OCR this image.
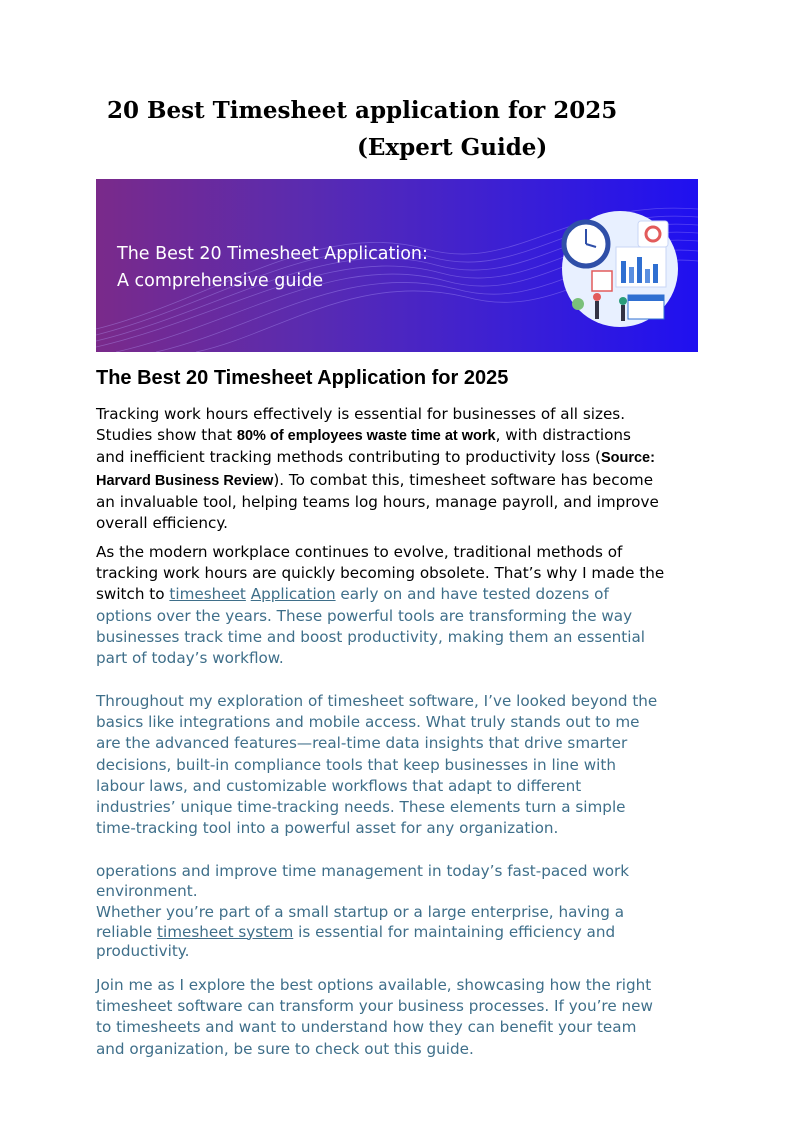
20 Best Timesheet application for 2025
(Expert Guide)
The Best 20 Timesheet Application:
A comprehensive guide
The Best 20 Timesheet Application for 2025
Tracking work hours effectively is essential for businesses of all sizes.
Studies show that 80% of employees waste time at work, with distractions
and inefficient tracking methods contributing to productivity loss (Source:
Harvard Business Review). To combat this, timesheet software has become
an invaluable tool, helping teams log hours, manage payroll, and improve
overall efficiency.
As the modern workplace continues to evolve, traditional methods of
tracking work hours are quickly becoming obsolete. That’s why I made the
switch to timesheet Application early on and have tested dozens of
options over the years. These powerful tools are transforming the way
businesses track time and boost productivity, making them an essential
part of today’s workflow.
Throughout my exploration of timesheet software, I’ve looked beyond the
basics like integrations and mobile access. What truly stands out to me
are the advanced features—real-time data insights that drive smarter
decisions, built-in compliance tools that keep businesses in line with
labour laws, and customizable workflows that adapt to different
industries’ unique time-tracking needs. These elements turn a simple
time-tracking tool into a powerful asset for any organization.
operations and improve time management in today’s fast-paced work
environment.
Whether you’re part of a small startup or a large enterprise, having a
reliable timesheet system is essential for maintaining efficiency and
productivity.
Join me as I explore the best options available, showcasing how the right
timesheet software can transform your business processes. If you’re new
to timesheets and want to understand how they can benefit your team
and organization, be sure to check out this guide.
